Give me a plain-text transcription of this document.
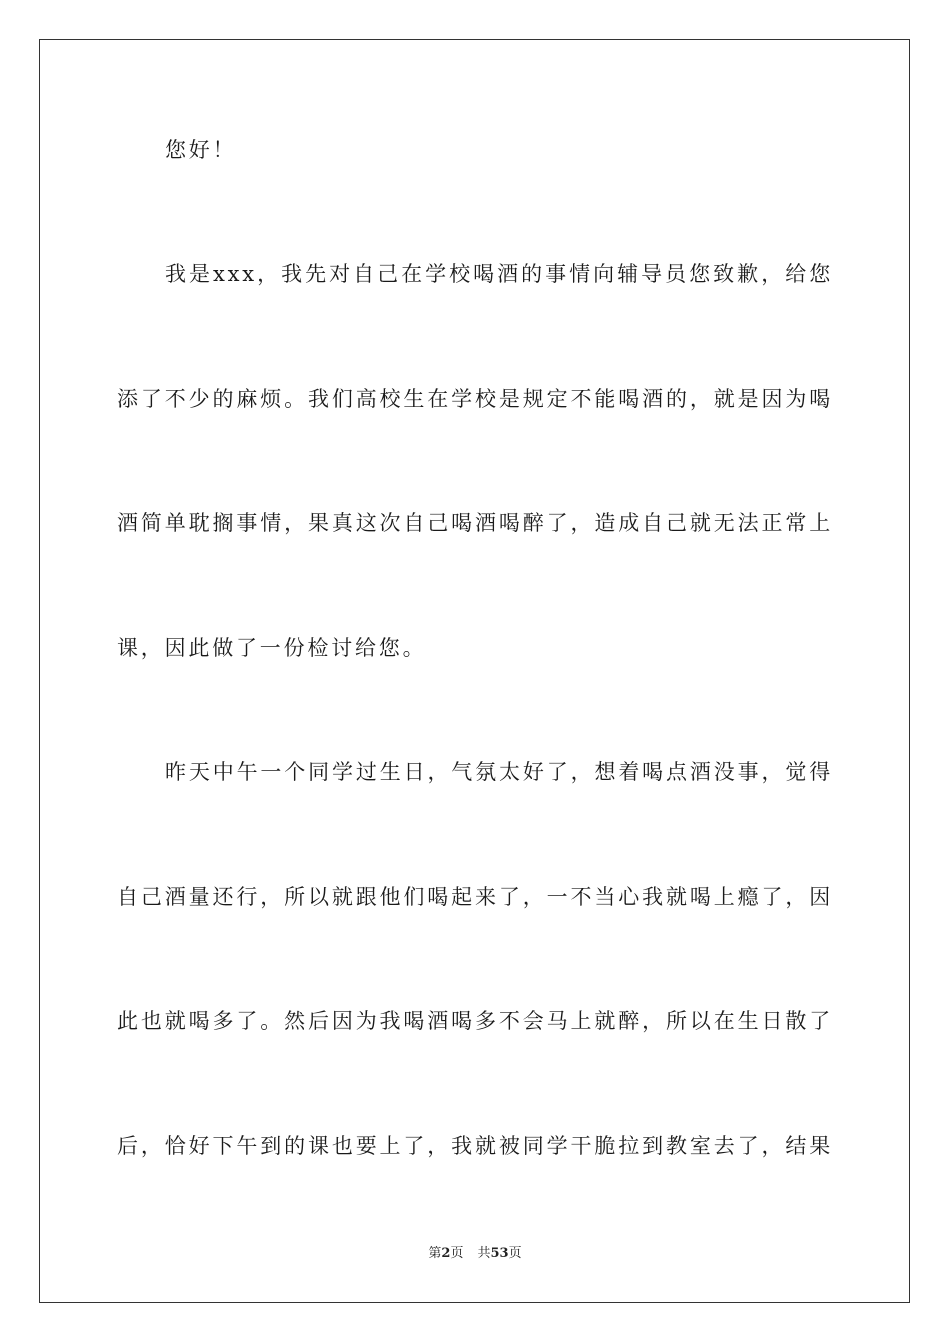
您好！
我是xxx，我先对自己在学校喝酒的事情向辅导员您致歉，给您
添了不少的麻烦。我们高校生在学校是规定不能喝酒的，就是因为喝
酒简单耽搁事情，果真这次自己喝酒喝醉了，造成自己就无法正常上
课，因此做了一份检讨给您。
昨天中午一个同学过生日，气氛太好了，想着喝点酒没事，觉得
自己酒量还行，所以就跟他们喝起来了，一不当心我就喝上瘾了，因
此也就喝多了。然后因为我喝酒喝多不会马上就醉，所以在生日散了
后，恰好下午到的课也要上了，我就被同学干脆拉到教室去了，结果
第2页 共53页
